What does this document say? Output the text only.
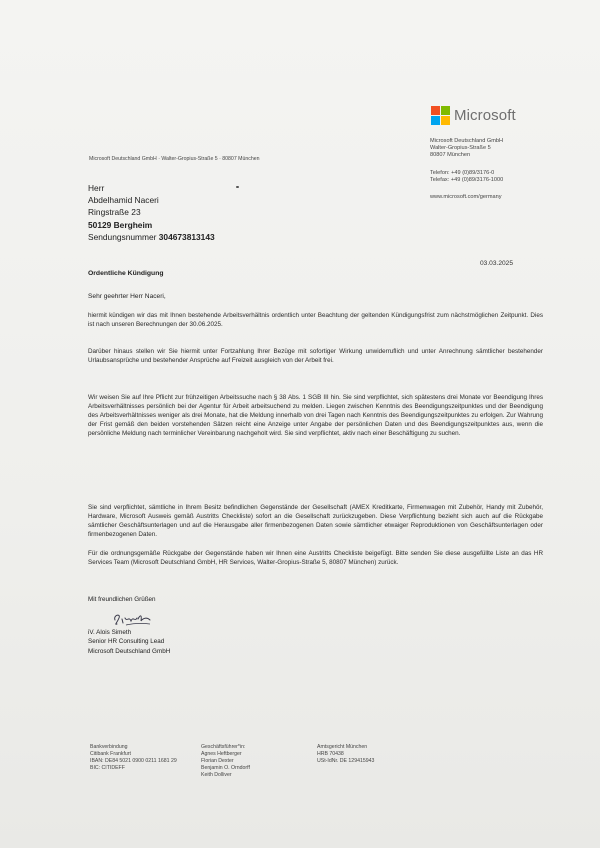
Microsoft
Microsoft Deutschland GmbH
Walter-Gropius-Straße 5
80807 München
Telefon: +49 (0)89/3176-0
Telefax: +49 (0)89/3176-1000
www.microsoft.com/germany
Microsoft Deutschland GmbH · Walter-Gropius-Straße 5 · 80807 München
Herr
Abdelhamid Naceri
Ringstraße 23
50129 Bergheim
Sendungsnummer 304673813143
03.03.2025
Ordentliche Kündigung
Sehr geehrter Herr Naceri,
hiermit kündigen wir das mit Ihnen bestehende Arbeitsverhältnis ordentlich unter Beachtung der geltenden Kündigungsfrist zum nächstmöglichen Zeitpunkt. Dies ist nach unseren Berechnungen der 30.06.2025.
Darüber hinaus stellen wir Sie hiermit unter Fortzahlung Ihrer Bezüge mit sofortiger Wirkung unwiderruflich und unter Anrechnung sämtlicher bestehender Urlaubsansprüche und bestehender Ansprüche auf Freizeit ausgleich von der Arbeit frei.
Wir weisen Sie auf Ihre Pflicht zur frühzeitigen Arbeitssuche nach § 38 Abs. 1 SGB III hin. Sie sind verpflichtet, sich spätestens drei Monate vor Beendigung Ihres Arbeitsverhältnisses persönlich bei der Agentur für Arbeit arbeitsuchend zu melden. Liegen zwischen Kenntnis des Beendigungszeitpunktes und der Beendigung des Arbeitsverhältnisses weniger als drei Monate, hat die Meldung innerhalb von drei Tagen nach Kenntnis des Beendigungszeitpunktes zu erfolgen. Zur Wahrung der Frist gemäß den beiden vorstehenden Sätzen reicht eine Anzeige unter Angabe der persönlichen Daten und des Beendigungszeitpunktes aus, wenn die persönliche Meldung nach terminlicher Vereinbarung nachgeholt wird. Sie sind verpflichtet, aktiv nach einer Beschäftigung zu suchen.
Sie sind verpflichtet, sämtliche in Ihrem Besitz befindlichen Gegenstände der Gesellschaft (AMEX Kreditkarte, Firmenwagen mit Zubehör, Handy mit Zubehör, Hardware, Microsoft Ausweis gemäß Austritts Checkliste) sofort an die Gesellschaft zurückzugeben. Diese Verpflichtung bezieht sich auch auf die Rückgabe sämtlicher Geschäftsunterlagen und auf die Herausgabe aller firmenbezogenen Daten sowie sämtlicher etwaiger Reproduktionen von Geschäftsunterlagen oder firmenbezogenen Daten.
Für die ordnungsgemäße Rückgabe der Gegenstände haben wir Ihnen eine Austritts Checkliste beigefügt. Bitte senden Sie diese ausgefüllte Liste an das HR Services Team (Microsoft Deutschland GmbH, HR Services, Walter-Gropius-Straße 5, 80807 München) zurück.
Mit freundlichen Grüßen
iV. Alois Simeth
Senior HR Consulting Lead
Microsoft Deutschland GmbH
Bankverbindung
Citibank Frankfurt
IBAN: DE84 5021 0900 0211 1681 29
BIC: CITIDEFF
Geschäftsführer*in:
Agnes Heftberger
Florian Dexter
Benjamin O. Orndorff
Keith Dolliver
Amtsgericht München
HRB 70438
USt-IdNr. DE 129415943
